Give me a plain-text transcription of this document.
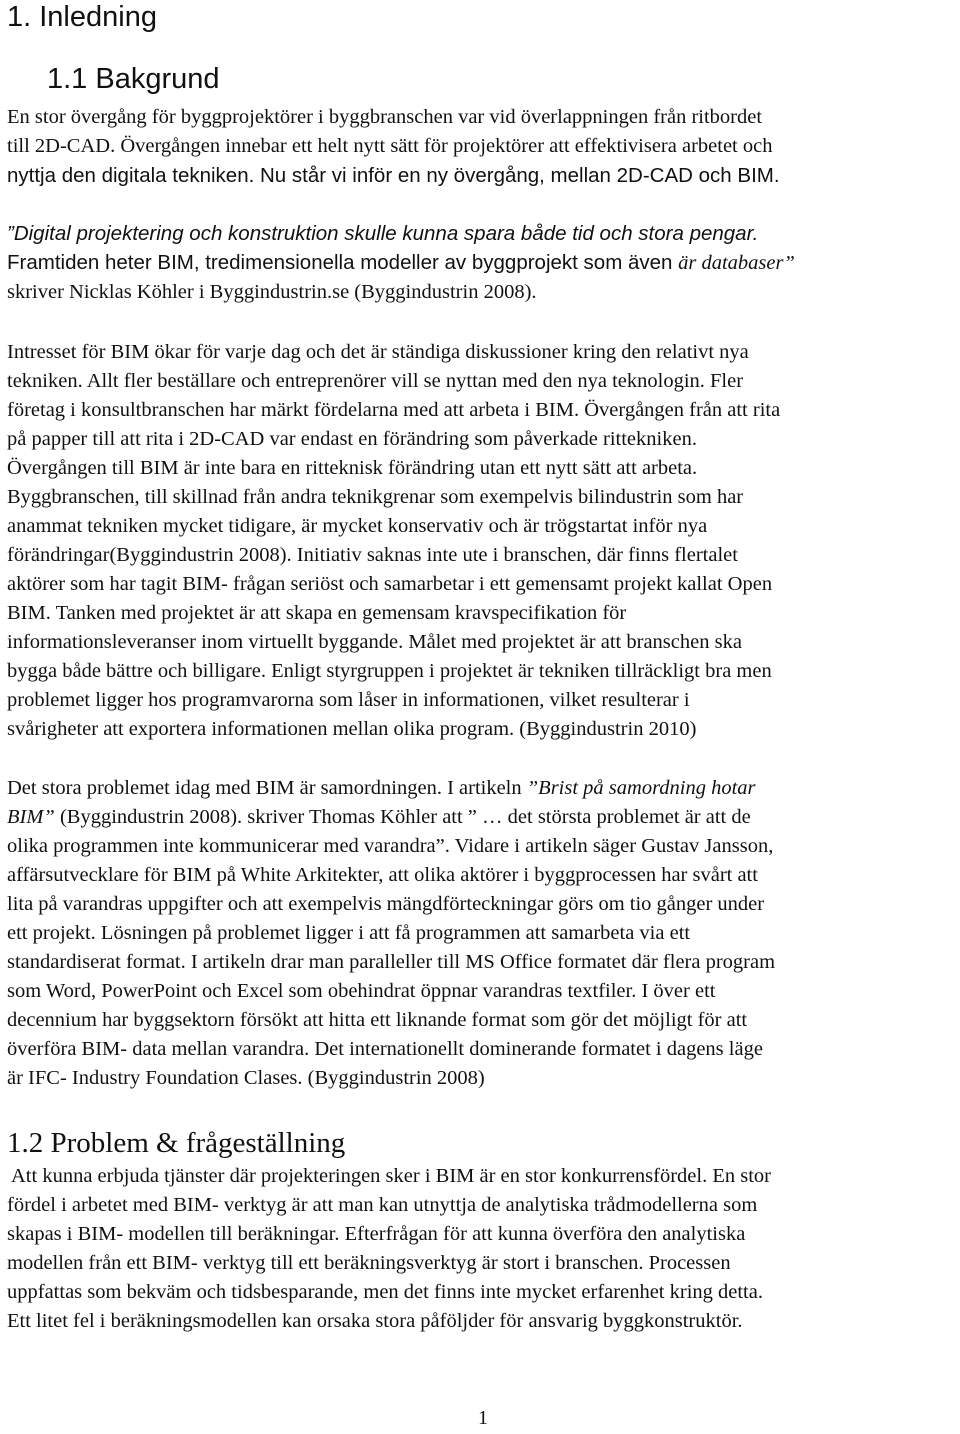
1. Inledning
1.1 Bakgrund
En stor övergång för byggprojektörer i byggbranschen var vid överlappningen från ritbordet
till 2D-CAD. Övergången innebar ett helt nytt sätt för projektörer att effektivisera arbetet och
nyttja den digitala tekniken. Nu står vi inför en ny övergång, mellan 2D-CAD och BIM.
”Digital projektering och konstruktion skulle kunna spara både tid och stora pengar.
Framtiden heter BIM, tredimensionella modeller av byggprojekt som även är databaser”
skriver Nicklas Köhler i Byggindustrin.se (Byggindustrin 2008).
Intresset för BIM ökar för varje dag och det är ständiga diskussioner kring den relativt nya
tekniken. Allt fler beställare och entreprenörer vill se nyttan med den nya teknologin. Fler
företag i konsultbranschen har märkt fördelarna med att arbeta i BIM. Övergången från att rita
på papper till att rita i 2D-CAD var endast en förändring som påverkade rittekniken.
Övergången till BIM är inte bara en ritteknisk förändring utan ett nytt sätt att arbeta.
Byggbranschen, till skillnad från andra teknikgrenar som exempelvis bilindustrin som har
anammat tekniken mycket tidigare, är mycket konservativ och är trögstartat inför nya
förändringar(Byggindustrin 2008). Initiativ saknas inte ute i branschen, där finns flertalet
aktörer som har tagit BIM- frågan seriöst och samarbetar i ett gemensamt projekt kallat Open
BIM. Tanken med projektet är att skapa en gemensam kravspecifikation för
informationsleveranser inom virtuellt byggande. Målet med projektet är att branschen ska
bygga både bättre och billigare. Enligt styrgruppen i projektet är tekniken tillräckligt bra men
problemet ligger hos programvarorna som låser in informationen, vilket resulterar i
svårigheter att exportera informationen mellan olika program. (Byggindustrin 2010)
Det stora problemet idag med BIM är samordningen. I artikeln ”Brist på samordning hotar
BIM” (Byggindustrin 2008). skriver Thomas Köhler att ” … det största problemet är att de
olika programmen inte kommunicerar med varandra”. Vidare i artikeln säger Gustav Jansson,
affärsutvecklare för BIM på White Arkitekter, att olika aktörer i byggprocessen har svårt att
lita på varandras uppgifter och att exempelvis mängdförteckningar görs om tio gånger under
ett projekt. Lösningen på problemet ligger i att få programmen att samarbeta via ett
standardiserat format. I artikeln drar man paralleller till MS Office formatet där flera program
som Word, PowerPoint och Excel som obehindrat öppnar varandras textfiler. I över ett
decennium har byggsektorn försökt att hitta ett liknande format som gör det möjligt för att
överföra BIM- data mellan varandra. Det internationellt dominerande formatet i dagens läge
är IFC- Industry Foundation Clases. (Byggindustrin 2008)
1.2 Problem & frågeställning
Att kunna erbjuda tjänster där projekteringen sker i BIM är en stor konkurrensfördel. En stor
fördel i arbetet med BIM- verktyg är att man kan utnyttja de analytiska trådmodellerna som
skapas i BIM- modellen till beräkningar. Efterfrågan för att kunna överföra den analytiska
modellen från ett BIM- verktyg till ett beräkningsverktyg är stort i branschen. Processen
uppfattas som bekväm och tidsbesparande, men det finns inte mycket erfarenhet kring detta.
Ett litet fel i beräkningsmodellen kan orsaka stora påföljder för ansvarig byggkonstruktör.
1
